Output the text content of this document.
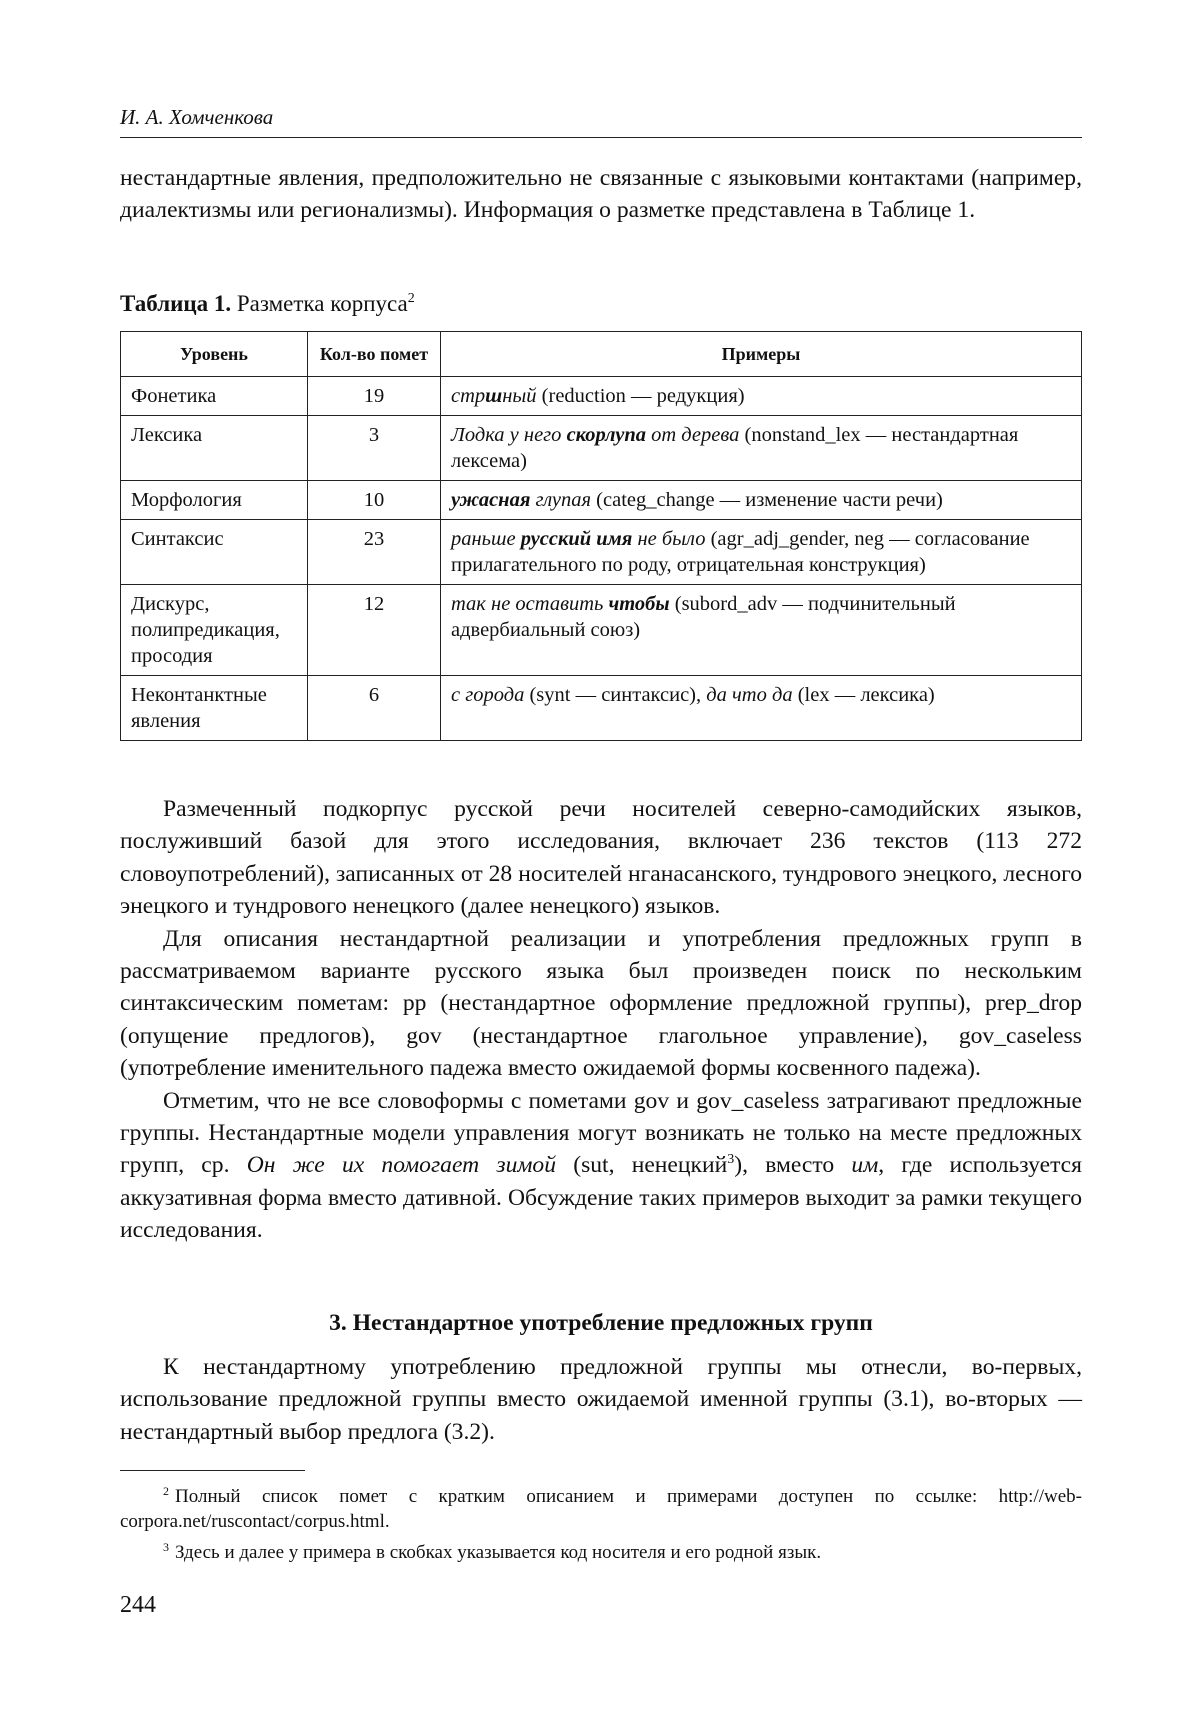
И. А. Хомченкова

нестандартные явления, предположительно не связанные с языковыми контактами (например, диалектизмы или регионализмы). Информация о разметке представлена в Таблице 1.

Таблица 1. Разметка корпуса$^2$
Уровень	Кол-во помет	Примеры
Фонетика	19	стршный (reduction — редукция)
Лексика	3	Лодка у него скорлупа от дерева (nonstand_lex — нестандартная лексема)
Морфология	10	ужасная глупая (categ_change — изменение части речи)
Синтаксис	23	раньше русский имя не было (agr_adj_gender, neg — согласование прилагательного по роду, отрицательная конструкция)
Дискурс, полипредикация, просодия	12	так не оставить чтобы (subord_adv — подчинительный адвербиальный союз)
Неконтанктные явления	6	с города (synt — синтаксис), да что да (lex — лексика)

Размеченный подкорпус русской речи носителей северно-самодийских языков, послуживший базой для этого исследования, включает 236 текстов (113 272 словоупотреблений), записанных от 28 носителей нганасанского, тундрового энецкого, лесного энецкого и тундрового ненецкого (далее ненецкого) языков.

Для описания нестандартной реализации и употребления предложных групп в рассматриваемом варианте русского языка был произведен поиск по нескольким синтаксическим пометам: pp (нестандартное оформление предложной группы), prep_drop (опущение предлогов), gov (нестандартное глагольное управление), gov_caseless (употребление именительного падежа вместо ожидаемой формы косвенного падежа).

Отметим, что не все словоформы с пометами gov и gov_caseless затрагивают предложные группы. Нестандартные модели управления могут возникать не только на месте предложных групп, ср. Он же их помогает зимой (sut, ненецкий$^3$), вместо им, где используется аккузативная форма вместо дативной. Обсуждение таких примеров выходит за рамки текущего исследования.

3. Нестандартное употребление предложных групп

К нестандартному употреблению предложной группы мы отнесли, во-первых, использование предложной группы вместо ожидаемой именной группы (3.1), во-вторых — нестандартный выбор предлога (3.2).

$^2$ Полный список помет с кратким описанием и примерами доступен по ссылке: http://web-corpora.net/ruscontact/corpus.html.

$^3$ Здесь и далее у примера в скобках указывается код носителя и его родной язык.

244
